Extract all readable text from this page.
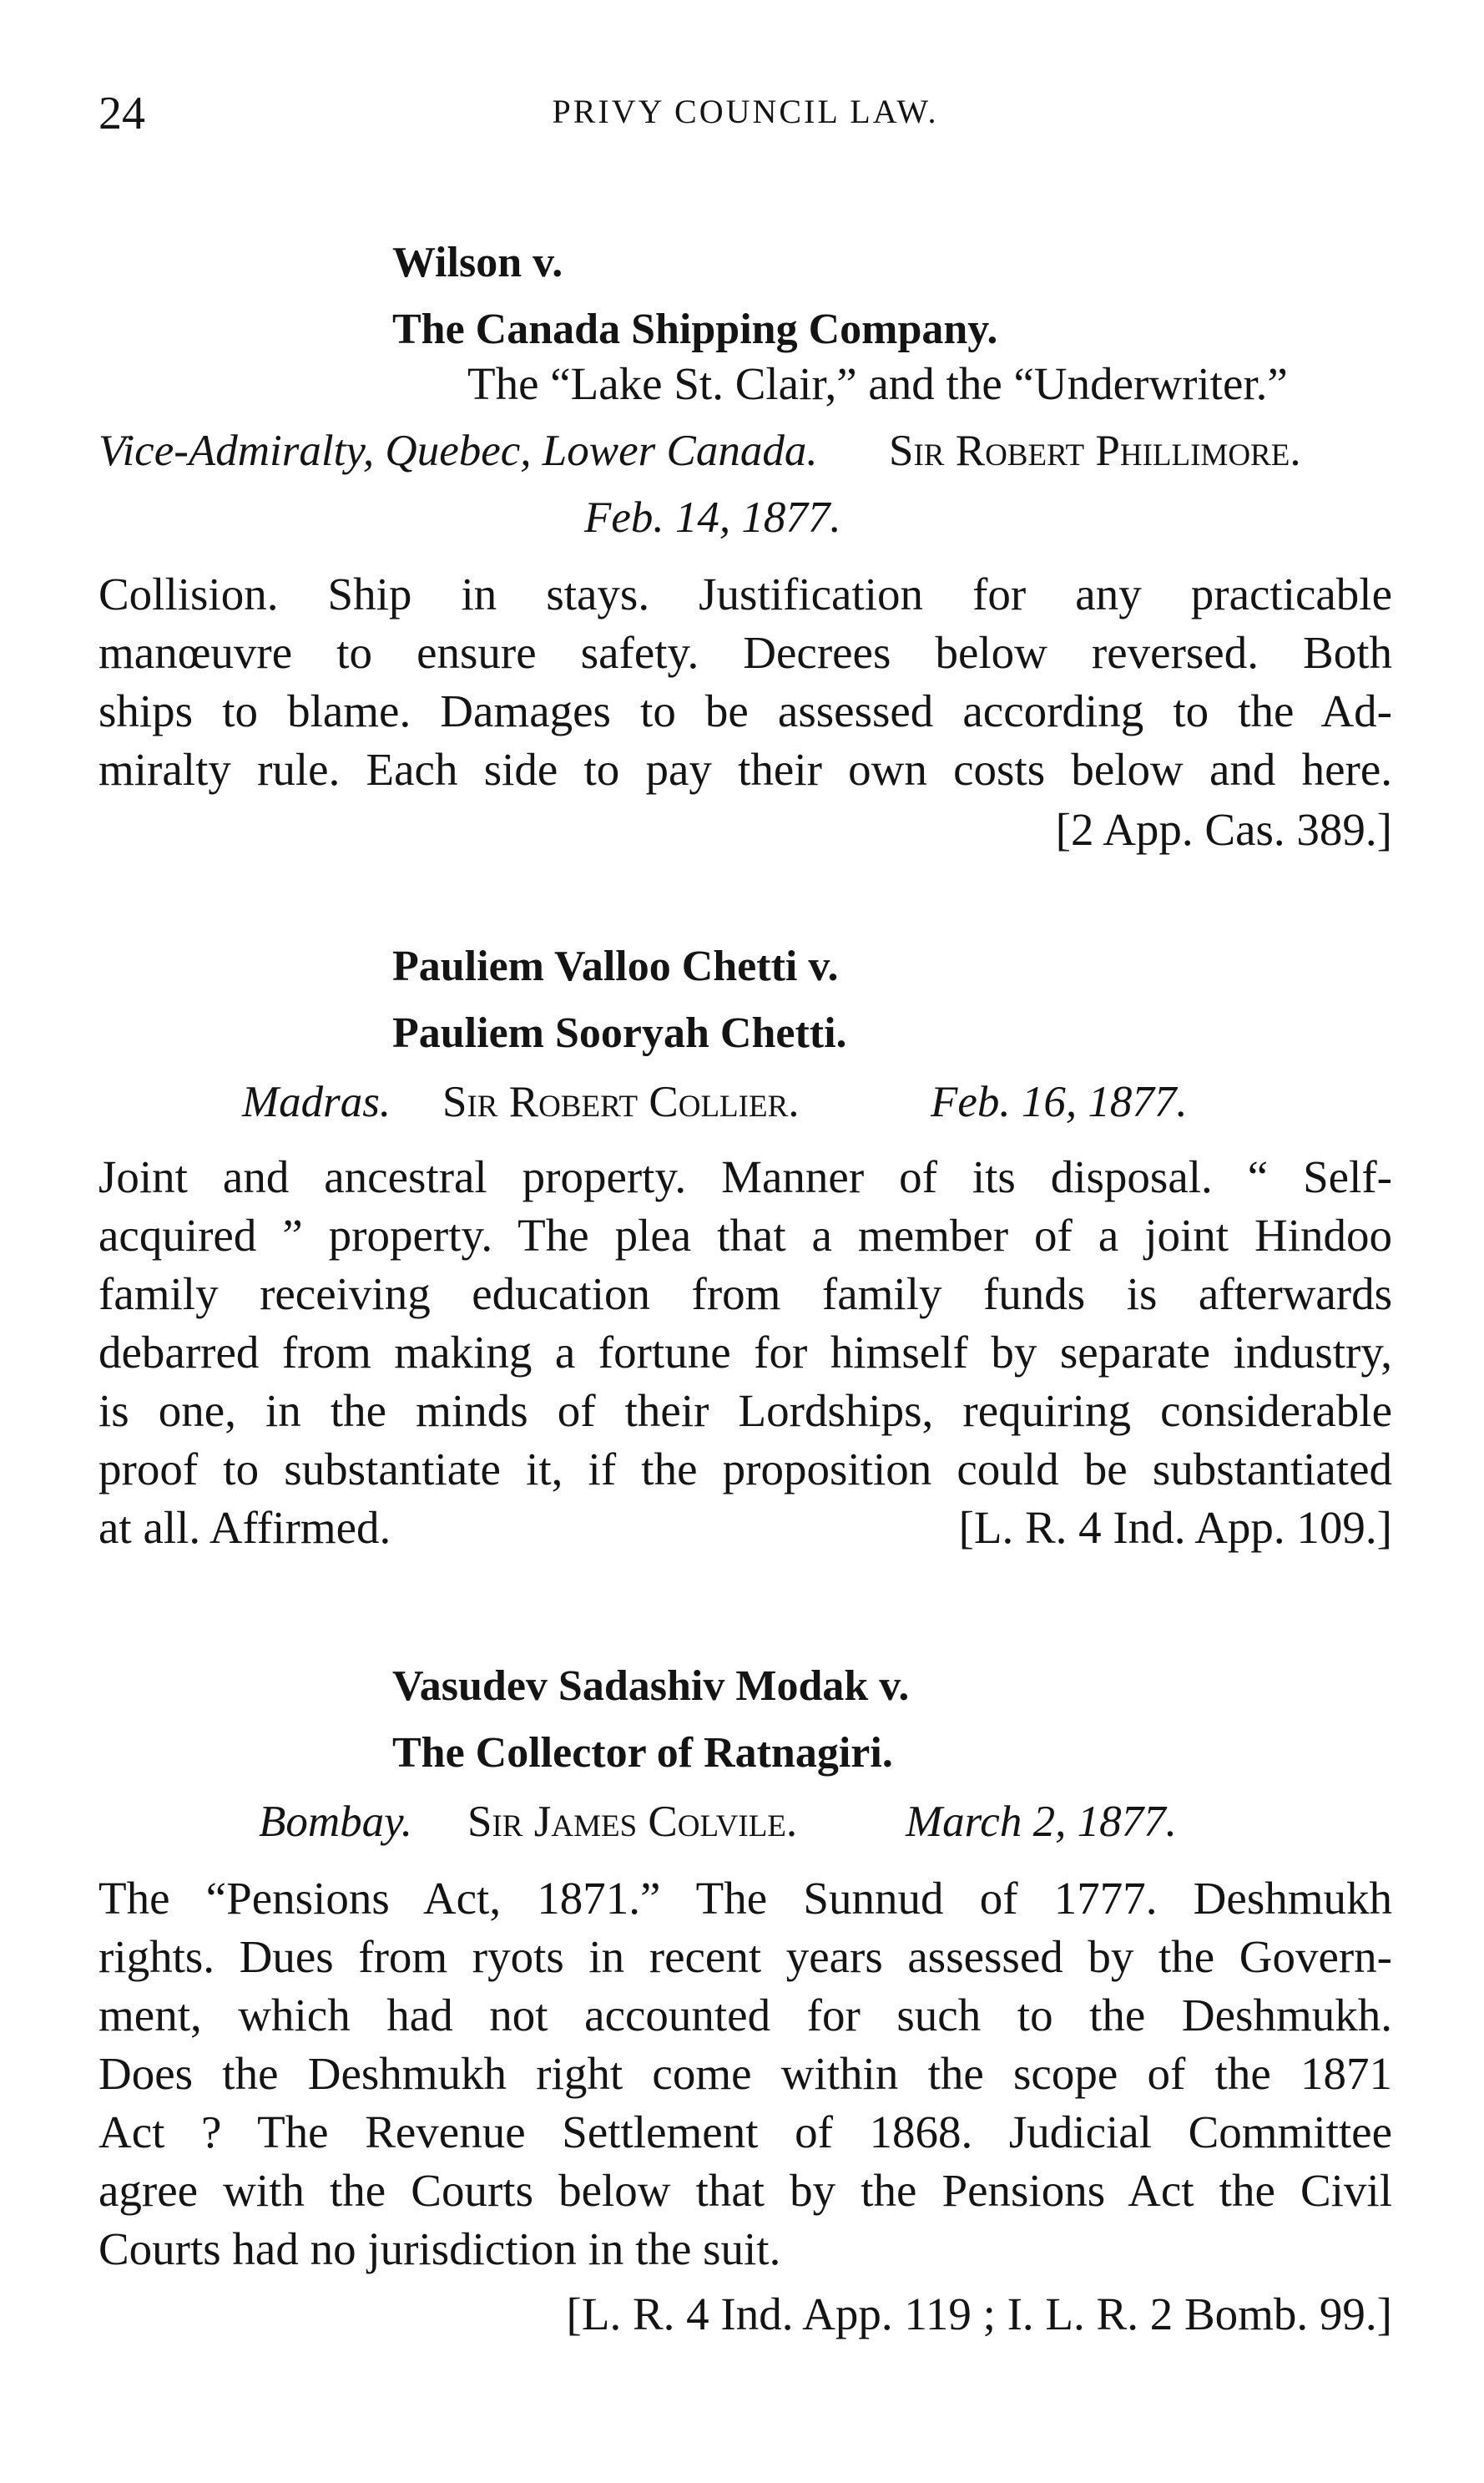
24	PRIVY COUNCIL LAW.
Wilson v.
The Canada Shipping Company.
The “Lake St. Clair,” and the “Underwriter.”
Vice-Admiralty, Quebec, Lower Canada. Sir Robert Phillimore.
Feb. 14, 1877.
Collision. Ship in stays. Justification for any practicable
manœuvre to ensure safety. Decrees below reversed. Both
ships to blame. Damages to be assessed according to the Ad-
miralty rule. Each side to pay their own costs below and here.
[2 App. Cas. 389.]
Pauliem Valloo Chetti v.
Pauliem Sooryah Chetti.
Madras. Sir Robert Collier.	Feb. 16, 1877.
Joint and ancestral property. Manner of its disposal. “ Self-
acquired ” property. The plea that a member of a joint Hindoo
family receiving education from family funds is afterwards
debarred from making a fortune for himself by separate industry,
is one, in the minds of their Lordships, requiring considerable
proof to substantiate it, if the proposition could be substantiated
at all. Affirmed.	[L. R. 4 Ind. App. 109.]
Vasudev Sadashiv Modak v.
The Collector of Ratnagiri.
Bombay. Sir James Colvile. March 2, 1877.
The “Pensions Act, 1871.” The Sunnud of 1777. Deshmukh
rights. Dues from ryots in recent years assessed by the Govern-
ment, which had not accounted for such to the Deshmukh.
Does the Deshmukh right come within the scope of the 1871
Act ? The Revenue Settlement of 1868. Judicial Committee
agree with the Courts below that by the Pensions Act the Civil
Courts had no jurisdiction in the suit.
[L. R. 4 Ind. App. 119 ; I. L. R. 2 Bomb. 99.]
